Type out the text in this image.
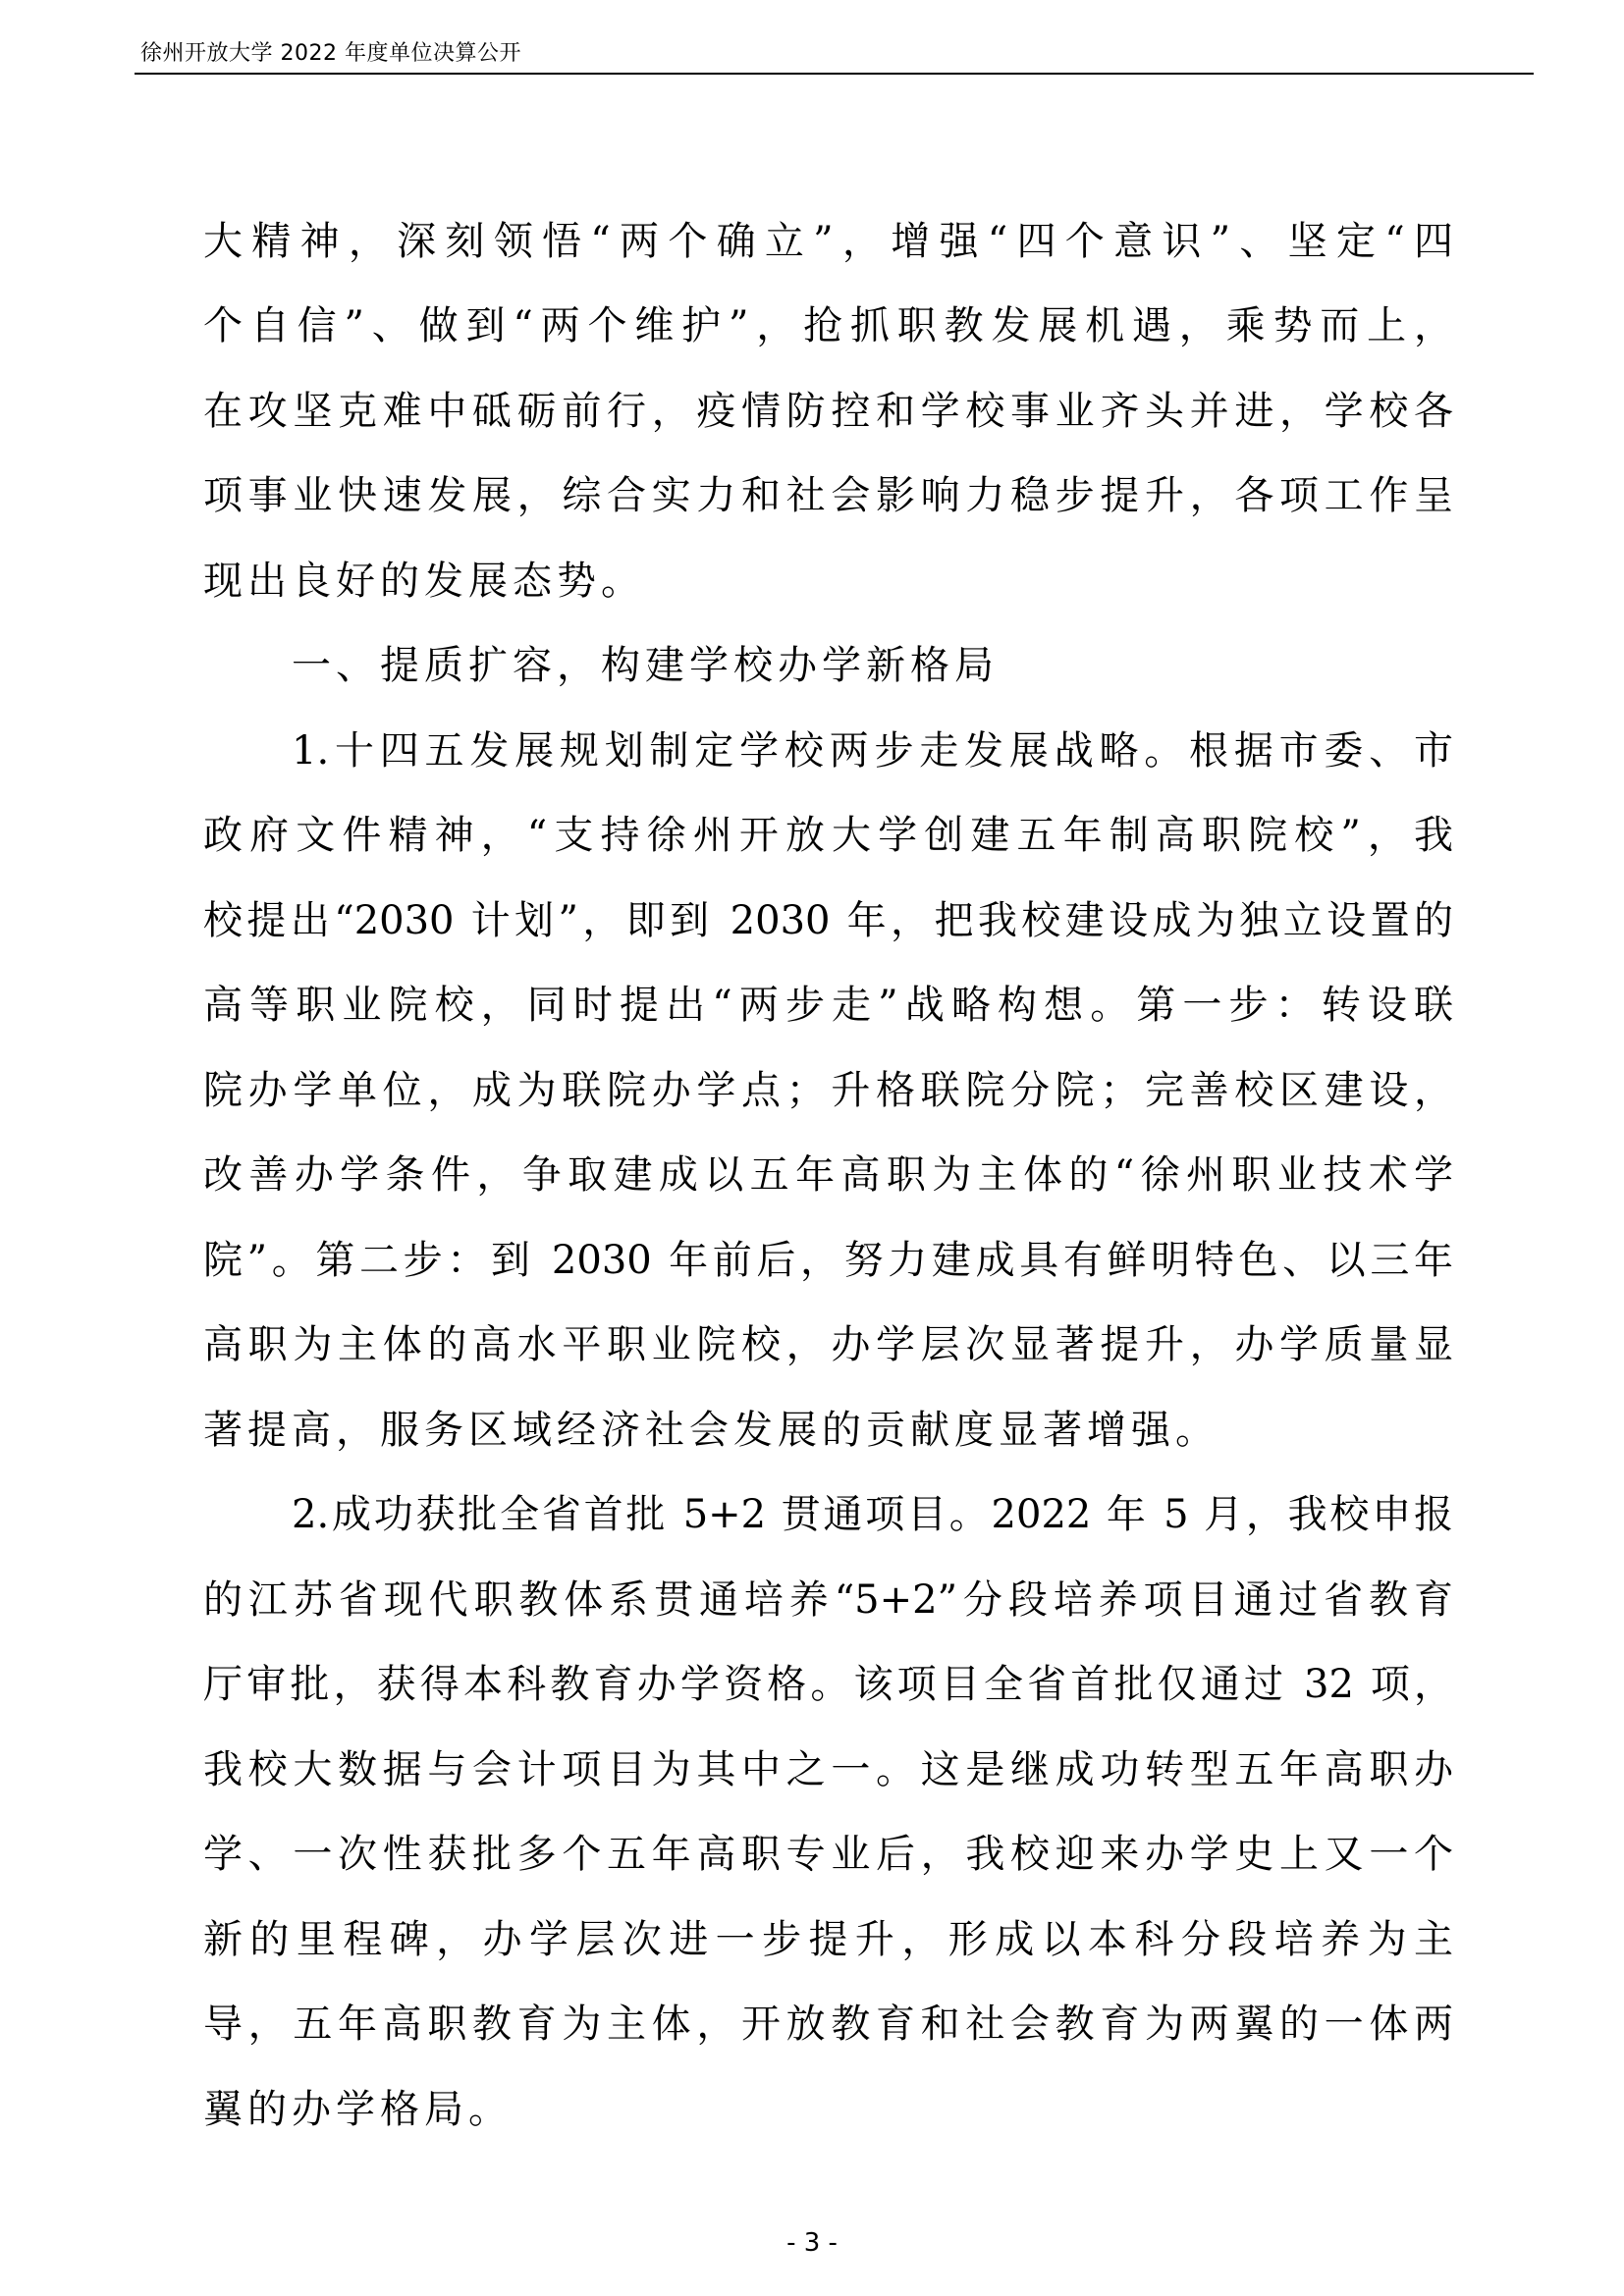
徐州开放大学 2022 年度单位决算公开
大精神，深刻领悟“两个确立”，增强“四个意识”、坚定“四
个自信”、做到“两个维护”，抢抓职教发展机遇，乘势而上，
在攻坚克难中砥砺前行，疫情防控和学校事业齐头并进，学校各
项事业快速发展，综合实力和社会影响力稳步提升，各项工作呈
现出良好的发展态势。
一、提质扩容，构建学校办学新格局
1.十四五发展规划制定学校两步走发展战略。根据市委、市
政府文件精神，“支持徐州开放大学创建五年制高职院校”，我
校提出“2030 计划”，即到 2030 年，把我校建设成为独立设置的
高等职业院校，同时提出“两步走”战略构想。第一步：转设联
院办学单位，成为联院办学点；升格联院分院；完善校区建设，
改善办学条件，争取建成以五年高职为主体的“徐州职业技术学
院”。第二步：到 2030 年前后，努力建成具有鲜明特色、以三年
高职为主体的高水平职业院校，办学层次显著提升，办学质量显
著提高，服务区域经济社会发展的贡献度显著增强。
2.成功获批全省首批 5+2 贯通项目。2022 年 5 月，我校申报
的江苏省现代职教体系贯通培养“5+2”分段培养项目通过省教育
厅审批，获得本科教育办学资格。该项目全省首批仅通过 32 项，
我校大数据与会计项目为其中之一。这是继成功转型五年高职办
学、一次性获批多个五年高职专业后，我校迎来办学史上又一个
新的里程碑，办学层次进一步提升，形成以本科分段培养为主
导，五年高职教育为主体，开放教育和社会教育为两翼的一体两
翼的办学格局。
- 3 -
